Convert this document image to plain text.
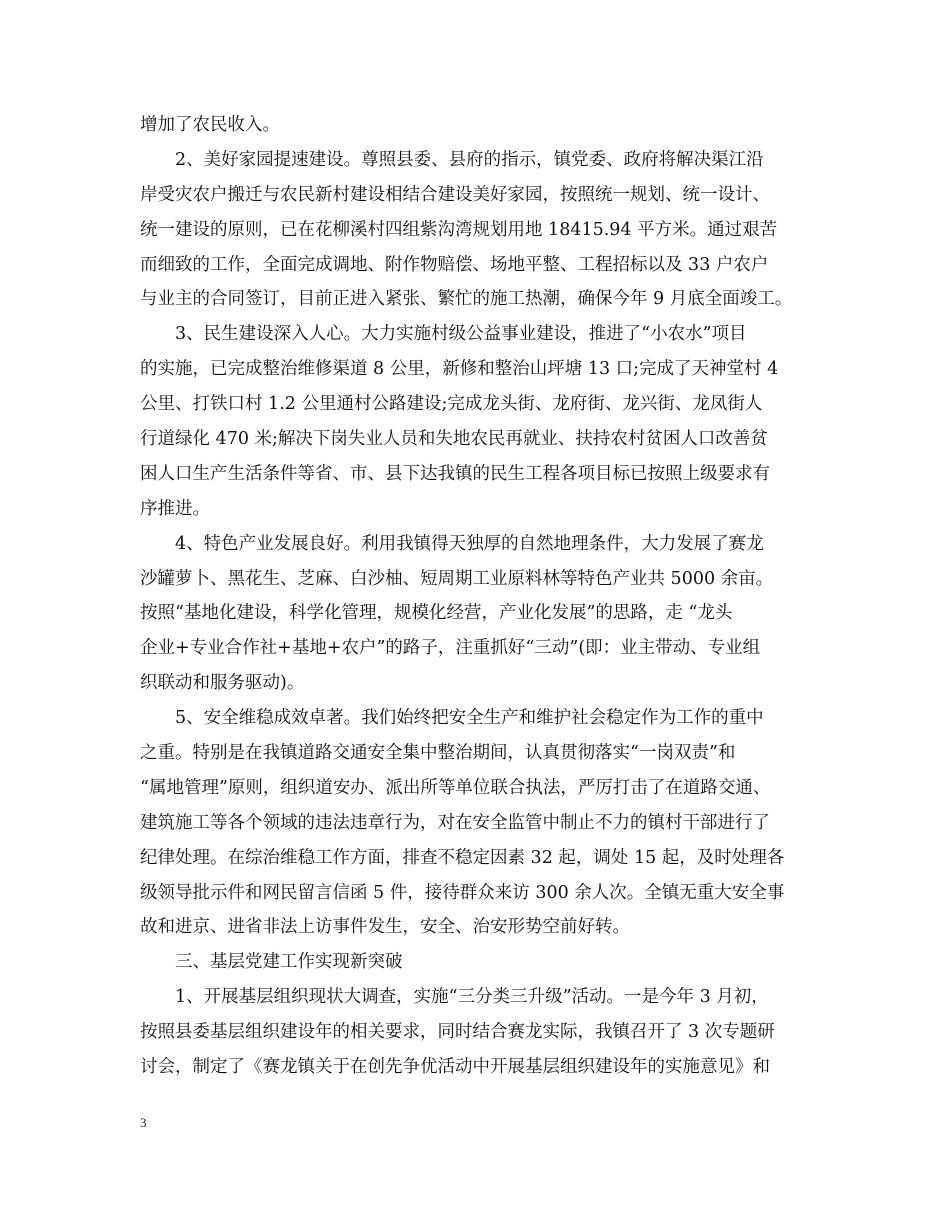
增加了农民收入。

2、美好家园提速建设。尊照县委、县府的指示，镇党委、政府将解决渠江沿

岸受灾农户搬迁与农民新村建设相结合建设美好家园，按照统一规划、统一设计、

统一建设的原则，已在花柳溪村四组紫沟湾规划用地 18415.94 平方米。通过艰苦

而细致的工作，全面完成调地、附作物赔偿、场地平整、工程招标以及 33 户农户

与业主的合同签订，目前正进入紧张、繁忙的施工热潮，确保今年 9 月底全面竣工。

3、民生建设深入人心。大力实施村级公益事业建设，推进了“小农水”项目

的实施，已完成整治维修渠道 8 公里，新修和整治山坪塘 13 口;完成了天神堂村 4

公里、打铁口村 1.2 公里通村公路建设;完成龙头街、龙府街、龙兴街、龙凤街人

行道绿化 470 米;解决下岗失业人员和失地农民再就业、扶持农村贫困人口改善贫

困人口生产生活条件等省、市、县下达我镇的民生工程各项目标已按照上级要求有

序推进。

4、特色产业发展良好。利用我镇得天独厚的自然地理条件，大力发展了赛龙

沙罐萝卜、黑花生、芝麻、白沙柚、短周期工业原料林等特色产业共 5000 余亩。

按照“基地化建设，科学化管理，规模化经营，产业化发展”的思路，走 “龙头

企业+专业合作社+基地+农户”的路子，注重抓好“三动”(即：业主带动、专业组

织联动和服务驱动)。

5、安全维稳成效卓著。我们始终把安全生产和维护社会稳定作为工作的重中

之重。特别是在我镇道路交通安全集中整治期间，认真贯彻落实“一岗双责”和

“属地管理”原则，组织道安办、派出所等单位联合执法，严厉打击了在道路交通、

建筑施工等各个领域的违法违章行为，对在安全监管中制止不力的镇村干部进行了

纪律处理。在综治维稳工作方面，排查不稳定因素 32 起，调处 15 起，及时处理各

级领导批示件和网民留言信函 5 件，接待群众来访 300 余人次。全镇无重大安全事

故和进京、进省非法上访事件发生，安全、治安形势空前好转。

三、基层党建工作实现新突破

1、开展基层组织现状大调查，实施“三分类三升级”活动。一是今年 3 月初，

按照县委基层组织建设年的相关要求，同时结合赛龙实际，我镇召开了 3 次专题研

讨会，制定了《赛龙镇关于在创先争优活动中开展基层组织建设年的实施意见》和

3
